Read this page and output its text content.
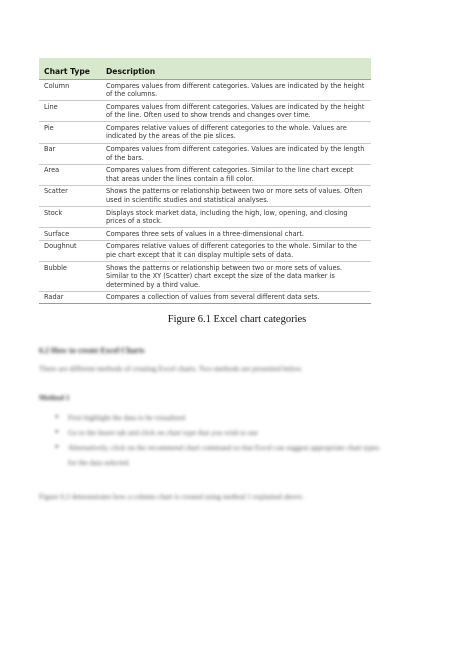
Chart Type	Description
Column	Compares values from different categories. Values are indicated by the height of the columns.
Line	Compares values from different categories. Values are indicated by the height of the line. Often used to show trends and changes over time.
Pie	Compares relative values of different categories to the whole. Values are indicated by the areas of the pie slices.
Bar	Compares values from different categories. Values are indicated by the length of the bars.
Area	Compares values from different categories. Similar to the line chart except that areas under the lines contain a fill color.
Scatter	Shows the patterns or relationship between two or more sets of values. Often used in scientific studies and statistical analyses.
Stock	Displays stock market data, including the high, low, opening, and closing prices of a stock.
Surface	Compares three sets of values in a three-dimensional chart.
Doughnut	Compares relative values of different categories to the whole. Similar to the pie chart except that it can display multiple sets of data.
Bubble	Shows the patterns or relationship between two or more sets of values. Similar to the XY (Scatter) chart except the size of the data marker is determined by a third value.
Radar	Compares a collection of values from several different data sets.
Figure 6.1 Excel chart categories
6.2 How to create Excel Charts
There are different methods of creating Excel charts. Two methods are presented below.
Method 1
● First highlight the data to be visualized
● Go to the Insert tab and click on chart type that you wish to use
● Alternatively, click on the recommend chart command so that Excel can suggest appropriate chart types for the data selected.
Figure 6.2 demonstrates how a column chart is created using method 1 explained above.
